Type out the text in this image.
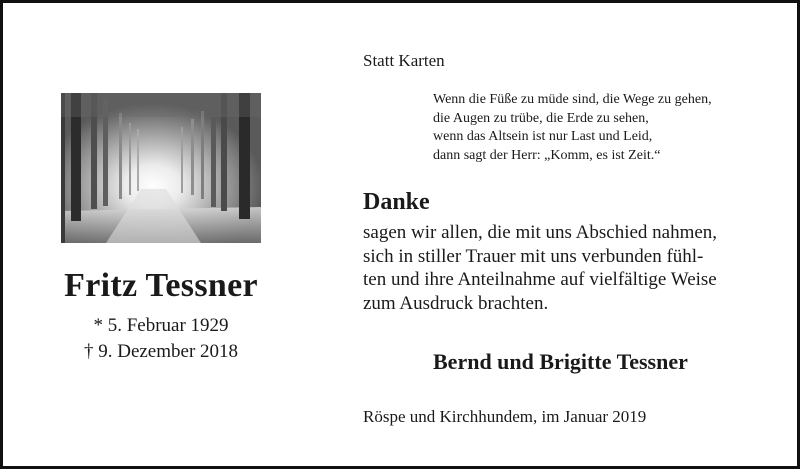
Fritz Tessner
* 5. Februar 1929
† 9. Dezember 2018
Statt Karten
Wenn die Füße zu müde sind, die Wege zu gehen,
die Augen zu trübe, die Erde zu sehen,
wenn das Altsein ist nur Last und Leid,
dann sagt der Herr: „Komm, es ist Zeit.“
Danke
sagen wir allen, die mit uns Abschied nahmen,
sich in stiller Trauer mit uns verbunden fühl-
ten und ihre Anteilnahme auf vielfältige Weise
zum Ausdruck brachten.
Bernd und Brigitte Tessner
Röspe und Kirchhundem, im Januar 2019
